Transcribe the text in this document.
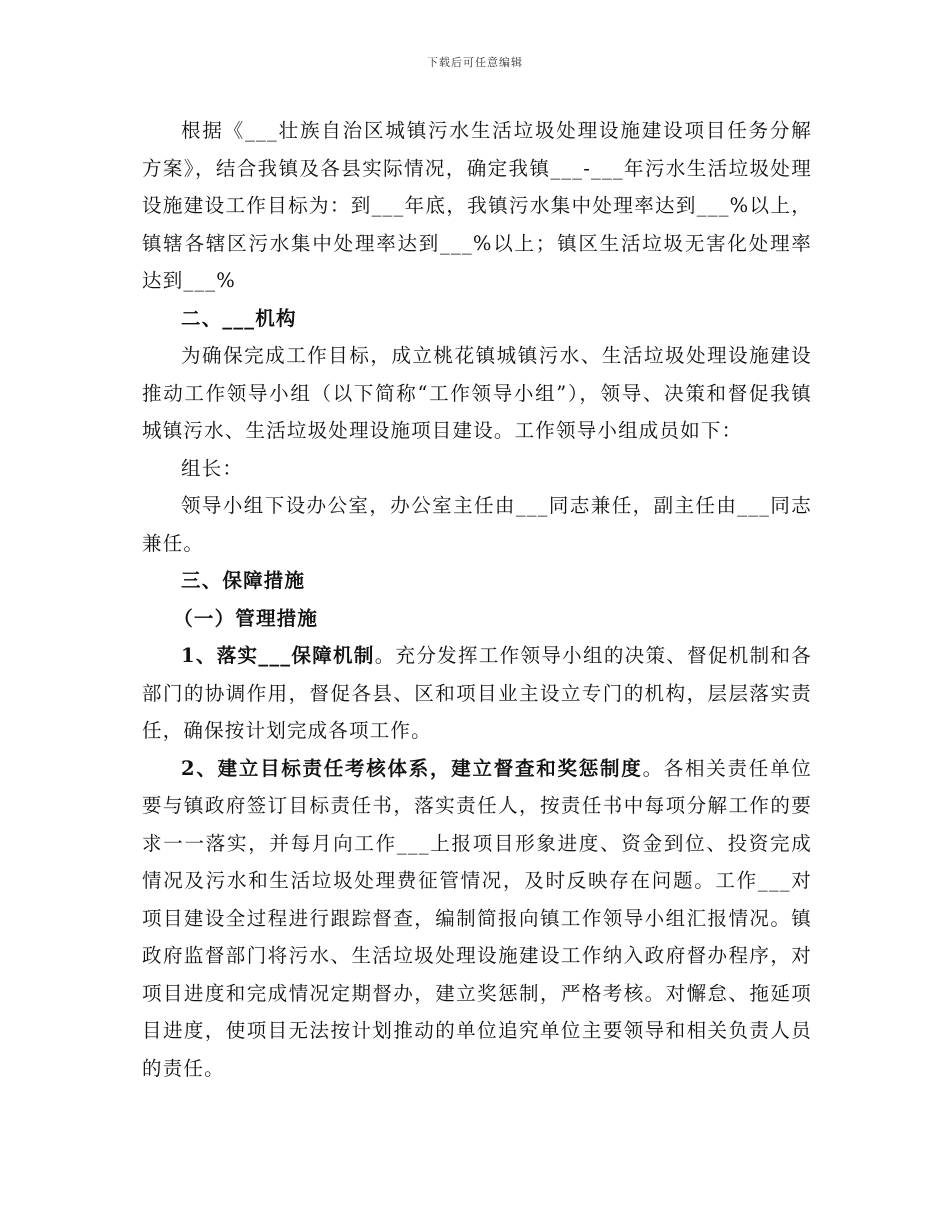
下载后可任意编辑

根据《___壮族自治区城镇污水生活垃圾处理设施建设项目任务分解方案》，结合我镇及各县实际情况，确定我镇___-___年污水生活垃圾处理设施建设工作目标为：到___年底，我镇污水集中处理率达到___%以上，镇辖各辖区污水集中处理率达到___%以上；镇区生活垃圾无害化处理率达到___%

二、___机构

为确保完成工作目标，成立桃花镇城镇污水、生活垃圾处理设施建设推动工作领导小组（以下简称“工作领导小组”），领导、决策和督促我镇城镇污水、生活垃圾处理设施项目建设。工作领导小组成员如下：

组长：

领导小组下设办公室，办公室主任由___同志兼任，副主任由___同志兼任。

三、保障措施

（一）管理措施

1、落实___保障机制。充分发挥工作领导小组的决策、督促机制和各部门的协调作用，督促各县、区和项目业主设立专门的机构，层层落实责任，确保按计划完成各项工作。

2、建立目标责任考核体系，建立督查和奖惩制度。各相关责任单位要与镇政府签订目标责任书，落实责任人，按责任书中每项分解工作的要求一一落实，并每月向工作___上报项目形象进度、资金到位、投资完成情况及污水和生活垃圾处理费征管情况，及时反映存在问题。工作___对项目建设全过程进行跟踪督查，编制简报向镇工作领导小组汇报情况。镇政府监督部门将污水、生活垃圾处理设施建设工作纳入政府督办程序，对项目进度和完成情况定期督办，建立奖惩制，严格考核。对懈怠、拖延项目进度，使项目无法按计划推动的单位追究单位主要领导和相关负责人员的责任。
